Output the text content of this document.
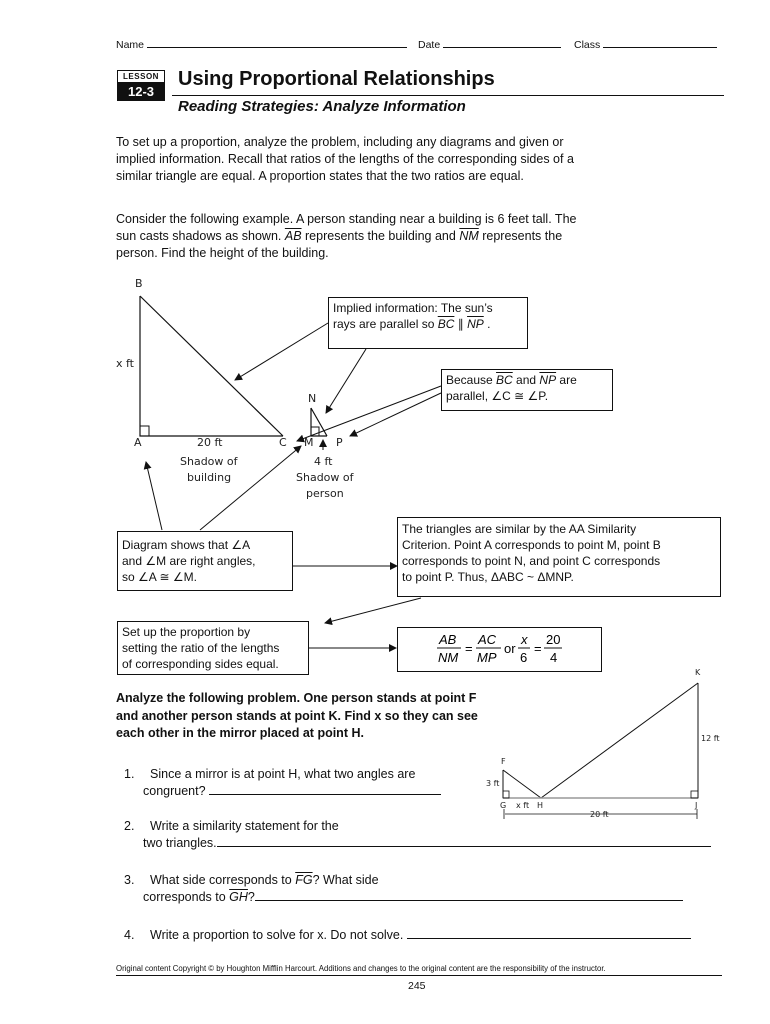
Name	Date	Class
LESSON
12-3
Using Proportional Relationships
Reading Strategies: Analyze Information
To set up a proportion, analyze the problem, including any diagrams and given or implied information. Recall that ratios of the lengths of the corresponding sides of a similar triangle are equal. A proportion states that the two ratios are equal.
Consider the following example. A person standing near a building is 6 feet tall. The sun casts shadows as shown. $\overline{AB}$ represents the building and $\overline{NM}$ represents the person. Find the height of the building.
B
A	C
x ft
20 ft
Shadow of
building
N
M P
4 ft
Shadow of
person
K
F
G	H	J
x ft
3 ft
12 ft
20 ft
Implied information: The sun’s
rays are parallel so $\overline{BC}$ ∥ $\overline{NP}$ .
Because $\overline{BC}$ and $\overline{NP}$ are
parallel, ∠C ≅ ∠P.
Diagram shows that ∠A
and ∠M are right angles,
so ∠A ≅ ∠M.
The triangles are similar by the AA Similarity
Criterion. Point A corresponds to point M, point B
corresponds to point N, and point C corresponds
to point P. Thus, ΔABC ~ ΔMNP.
Set up the proportion by
setting the ratio of the lengths
of corresponding sides equal.
AB
NM
=
AC
MP
or
x
6
=
20
4
Analyze the following problem. One person stands at point F and another person stands at point K. Find x so they can see each other in the mirror placed at point H.
1. Since a mirror is at point H, what two angles are
congruent?
2. Write a similarity statement for the
two triangles.
3. What side corresponds to $\overline{FG}$? What side
corresponds to $\overline{GH}$?
4. Write a proportion to solve for x. Do not solve.
Original content Copyright © by Houghton Mifflin Harcourt. Additions and changes to the original content are the responsibility of the instructor.
245
